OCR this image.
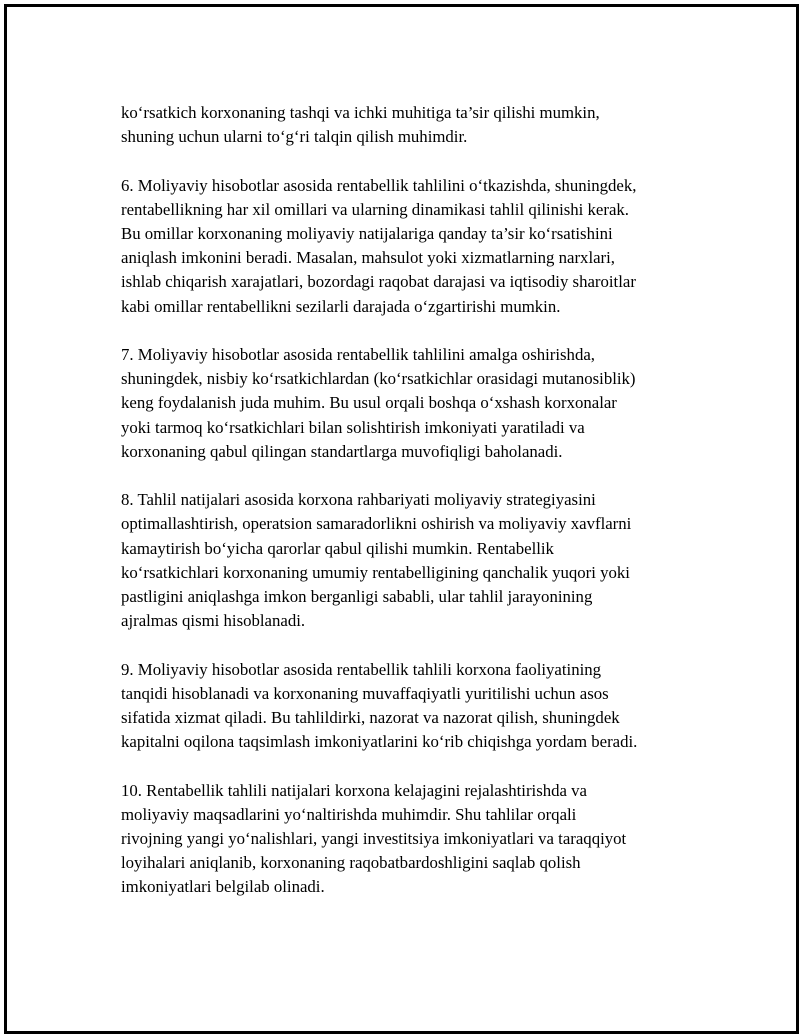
ko‘rsatkich korxonaning tashqi va ichki muhitiga ta’sir qilishi mumkin,
shuning uchun ularni to‘g‘ri talqin qilish muhimdir.

6. Moliyaviy hisobotlar asosida rentabellik tahlilini o‘tkazishda, shuningdek,
rentabellikning har xil omillari va ularning dinamikasi tahlil qilinishi kerak.
Bu omillar korxonaning moliyaviy natijalariga qanday ta’sir ko‘rsatishini
aniqlash imkonini beradi. Masalan, mahsulot yoki xizmatlarning narxlari,
ishlab chiqarish xarajatlari, bozordagi raqobat darajasi va iqtisodiy sharoitlar
kabi omillar rentabellikni sezilarli darajada o‘zgartirishi mumkin.

7. Moliyaviy hisobotlar asosida rentabellik tahlilini amalga oshirishda,
shuningdek, nisbiy ko‘rsatkichlardan (ko‘rsatkichlar orasidagi mutanosiblik)
keng foydalanish juda muhim. Bu usul orqali boshqa o‘xshash korxonalar
yoki tarmoq ko‘rsatkichlari bilan solishtirish imkoniyati yaratiladi va
korxonaning qabul qilingan standartlarga muvofiqligi baholanadi.

8. Tahlil natijalari asosida korxona rahbariyati moliyaviy strategiyasini
optimallashtirish, operatsion samaradorlikni oshirish va moliyaviy xavflarni
kamaytirish bo‘yicha qarorlar qabul qilishi mumkin. Rentabellik
ko‘rsatkichlari korxonaning umumiy rentabelligining qanchalik yuqori yoki
pastligini aniqlashga imkon berganligi sababli, ular tahlil jarayonining
ajralmas qismi hisoblanadi.

9. Moliyaviy hisobotlar asosida rentabellik tahlili korxona faoliyatining
tanqidi hisoblanadi va korxonaning muvaffaqiyatli yuritilishi uchun asos
sifatida xizmat qiladi. Bu tahlildirki, nazorat va nazorat qilish, shuningdek
kapitalni oqilona taqsimlash imkoniyatlarini ko‘rib chiqishga yordam beradi.

10. Rentabellik tahlili natijalari korxona kelajagini rejalashtirishda va
moliyaviy maqsadlarini yo‘naltirishda muhimdir. Shu tahlilar orqali
rivojning yangi yo‘nalishlari, yangi investitsiya imkoniyatlari va taraqqiyot
loyihalari aniqlanib, korxonaning raqobatbardoshligini saqlab qolish
imkoniyatlari belgilab olinadi.
